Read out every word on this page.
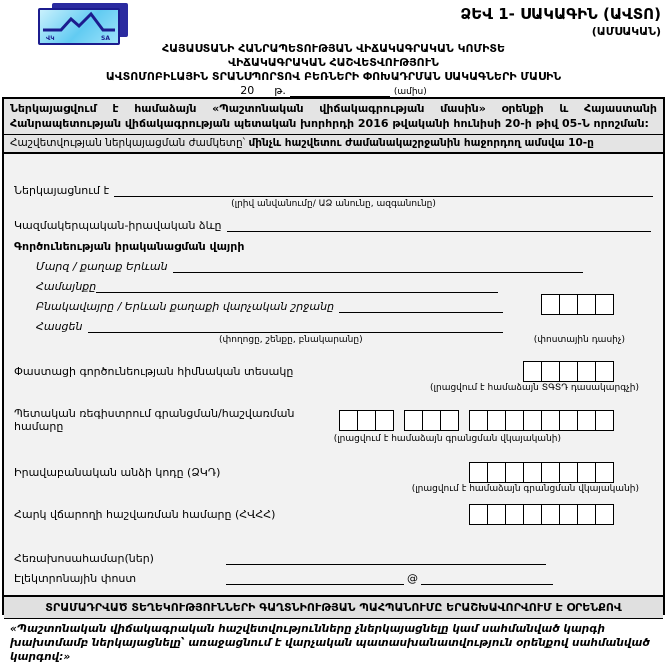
ՎԿ	SA
ՁԵՎ 1- ՍԱԿԱԳԻՆ (ԱՎՏՈ)
(ԱՄՍԱԿԱՆ)
ՀԱՅԱՍՏԱՆԻ ՀԱՆՐԱՊԵՏՈՒԹՅԱՆ ՎԻՃԱԿԱԳՐԱԿԱՆ ԿՈՄԻՏԵ
ՎԻՃԱԿԱԳՐԱԿԱՆ ՀԱՇՎԵՏՎՈՒԹՅՈՒՆ
ԱՎՏՈՄՈԲԻԼԱՅԻՆ ՏՐԱՆՍՊՈՐՏՈՎ ԲԵՌՆԵՐԻ ՓՈԽԱԴՐՄԱՆ ՍԱԿԱԳՆԵՐԻ ՄԱՍԻՆ
20 թ.	(ամիս)
Ներկայացվում է համաձայն «Պաշտոնական վիճակագրության մասին» օրենքի և Հայաստանի Հանրապետության վիճակագրության պետական խորհրդի 2016 թվականի հունիսի 20-ի թիվ 05-Ն որոշման:
Հաշվետվության ներկայացման ժամկետը՝ մինչև հաշվետու ժամանակաշրջանին հաջորդող ամսվա 10-ը
Ներկայացնում է
(լրիվ անվանումը/ ԱՁ անունը, ազգանունը)
Կազմակերպական-իրավական ձևը
Գործունեության իրականացման վայրի
Մարզ / քաղաք Երևան
Համայնքը
Բնակավայրը / Երևան քաղաքի վարչական շրջանը
Հասցեն
(փողոցը, շենքը, բնակարանը)	(փոստային դասիչ)
Փաստացի գործունեության հիմնական տեսակը
(լրացվում է համաձայն ՏԳՏԴ դասակարգչի)
Պետական ռեգիստրում գրանցման/հաշվառման համարը
(լրացվում է համաձայն գրանցման վկայականի)
Իրավաբանական անձի կոդը (ՁԿԴ)
(լրացվում է համաձայն գրանցման վկայականի)
Հարկ վճարողի հաշվառման համարը (ՀՎՀՀ)
Հեռախոսահամար(ներ)
Էլեկտրոնային փոստ	@
ՏՐԱՄԱԴՐՎԱԾ ՏԵՂԵԿՈՒԹՅՈՒՆՆԵՐԻ ԳԱՂՏՆԻՈՒԹՅԱՆ ՊԱՀՊԱՆՈՒՄԸ ԵՐԱՇԽԱՎՈՐՎՈՒՄ Է ՕՐԵՆՔՈՎ
«Պաշտոնական վիճակագրական հաշվետվությունները չներկայացնելը կամ սահմանված կարգի խախտմամբ ներկայացնելը՝ առաջացնում է վարչական պատասխանատվություն օրենքով սահմանված կարգով:»
